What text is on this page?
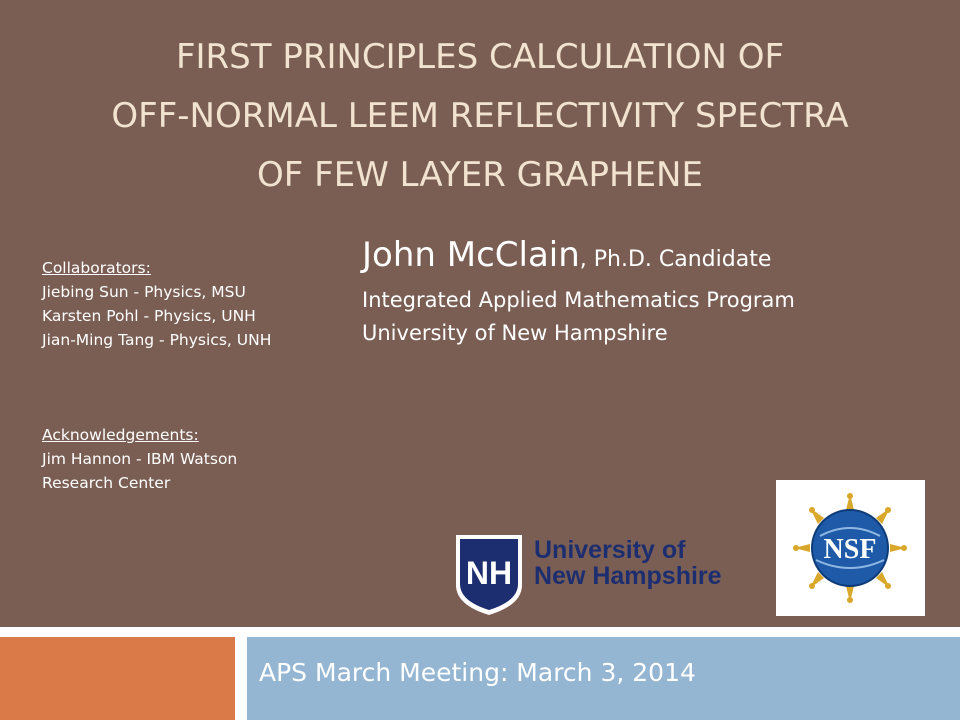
FIRST PRINCIPLES CALCULATION OF
OFF-NORMAL LEEM REFLECTIVITY SPECTRA
OF FEW LAYER GRAPHENE

John McClain, Ph.D. Candidate

Integrated Applied Mathematics Program

University of New Hampshire

Collaborators:

Jiebing Sun - Physics, MSU

Karsten Pohl - Physics, UNH

Jian-Ming Tang - Physics, UNH

Acknowledgements:

Jim Hannon - IBM Watson

Research Center

NH
University of
New Hampshire
NSF

APS March Meeting: March 3, 2014
